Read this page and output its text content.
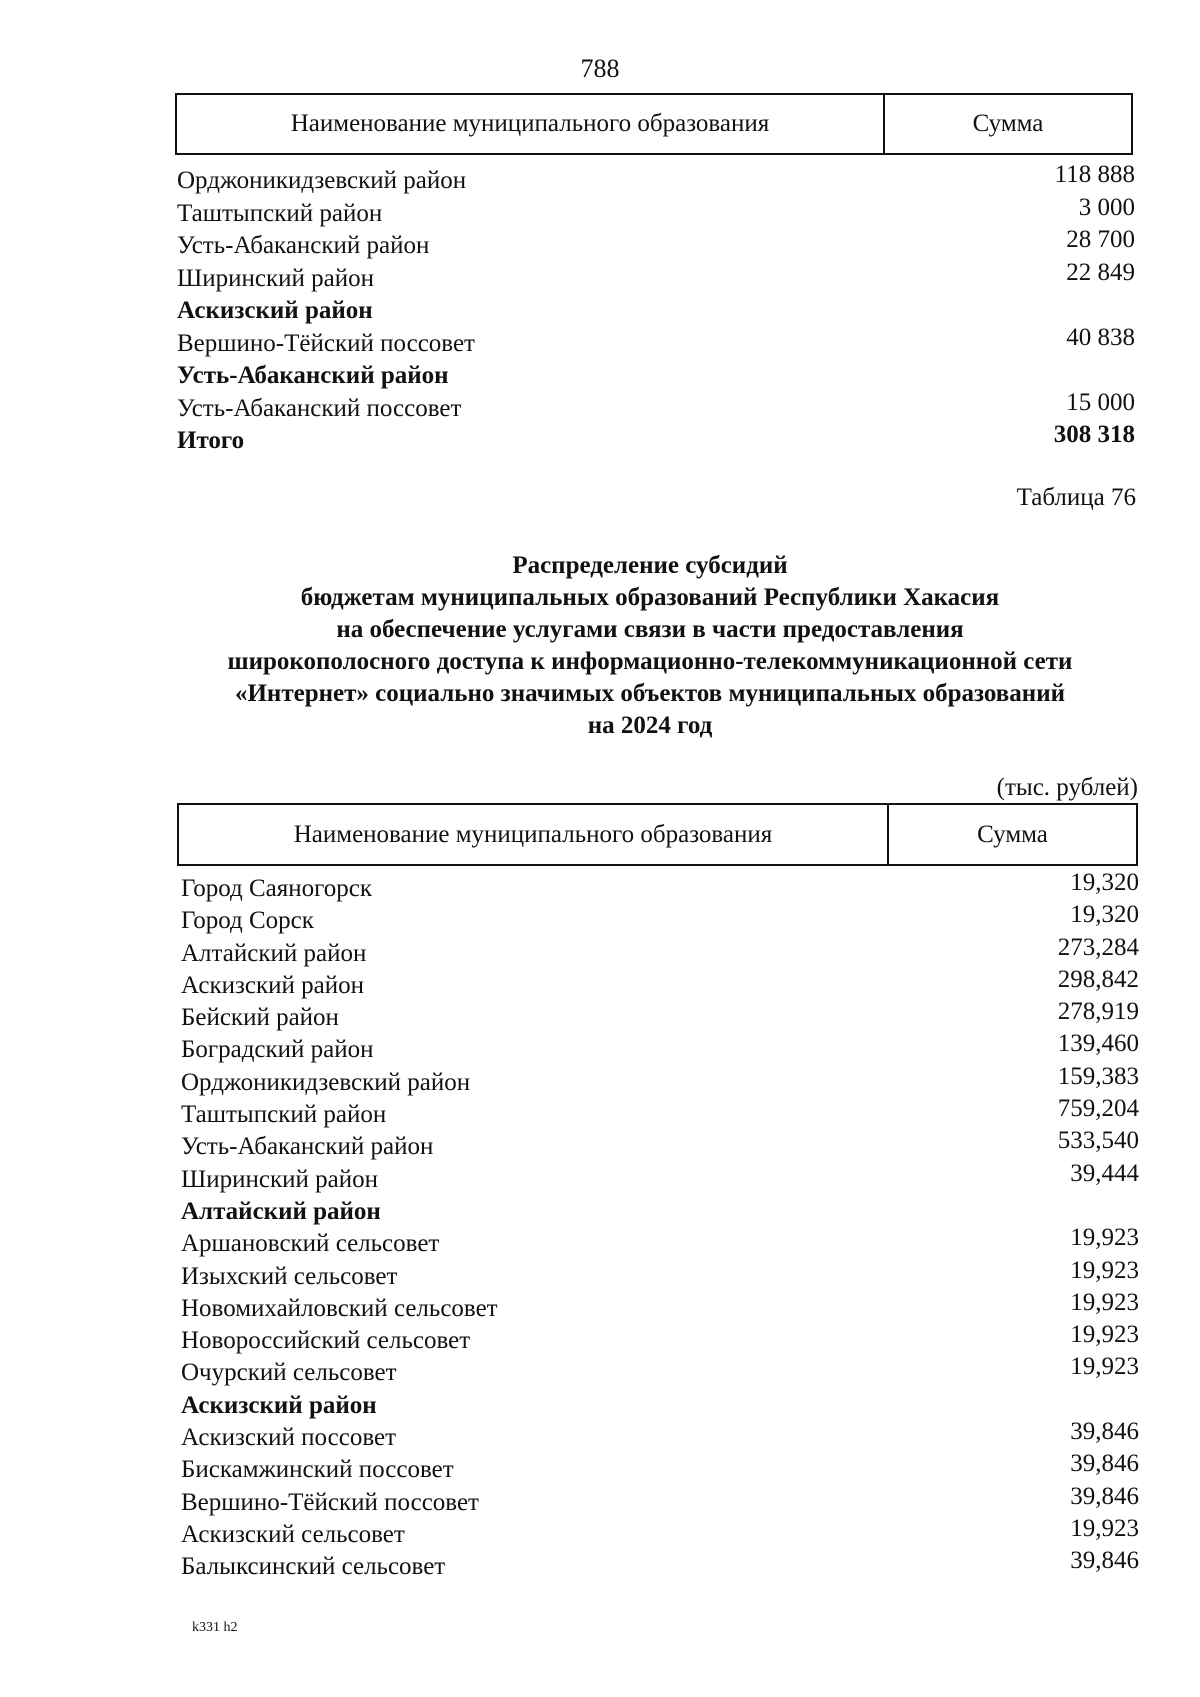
788
Наименование муниципального образования	Сумма
Орджоникидзевский район	118 888
Таштыпский район	3 000
Усть-Абаканский район	28 700
Ширинский район	22 849
Аскизский район
Вершино-Тёйский поссовет	40 838
Усть-Абаканский район
Усть-Абаканский поссовет	15 000
Итого	308 318
Таблица 76
Распределение субсидий
бюджетам муниципальных образований Республики Хакасия
на обеспечение услугами связи в части предоставления
широкополосного доступа к информационно-телекоммуникационной сети
«Интернет» социально значимых объектов муниципальных образований
на 2024 год
(тыс. рублей)
Наименование муниципального образования	Сумма
Город Саяногорск	19,320
Город Сорск	19,320
Алтайский район	273,284
Аскизский район	298,842
Бейский район	278,919
Боградский район	139,460
Орджоникидзевский район	159,383
Таштыпский район	759,204
Усть-Абаканский район	533,540
Ширинский район	39,444
Алтайский район
Аршановский сельсовет	19,923
Изыхский сельсовет	19,923
Новомихайловский сельсовет	19,923
Новороссийский сельсовет	19,923
Очурский сельсовет	19,923
Аскизский район
Аскизский поссовет	39,846
Бискамжинский поссовет	39,846
Вершино-Тёйский поссовет	39,846
Аскизский сельсовет	19,923
Балыксинский сельсовет	39,846
k331 h2
